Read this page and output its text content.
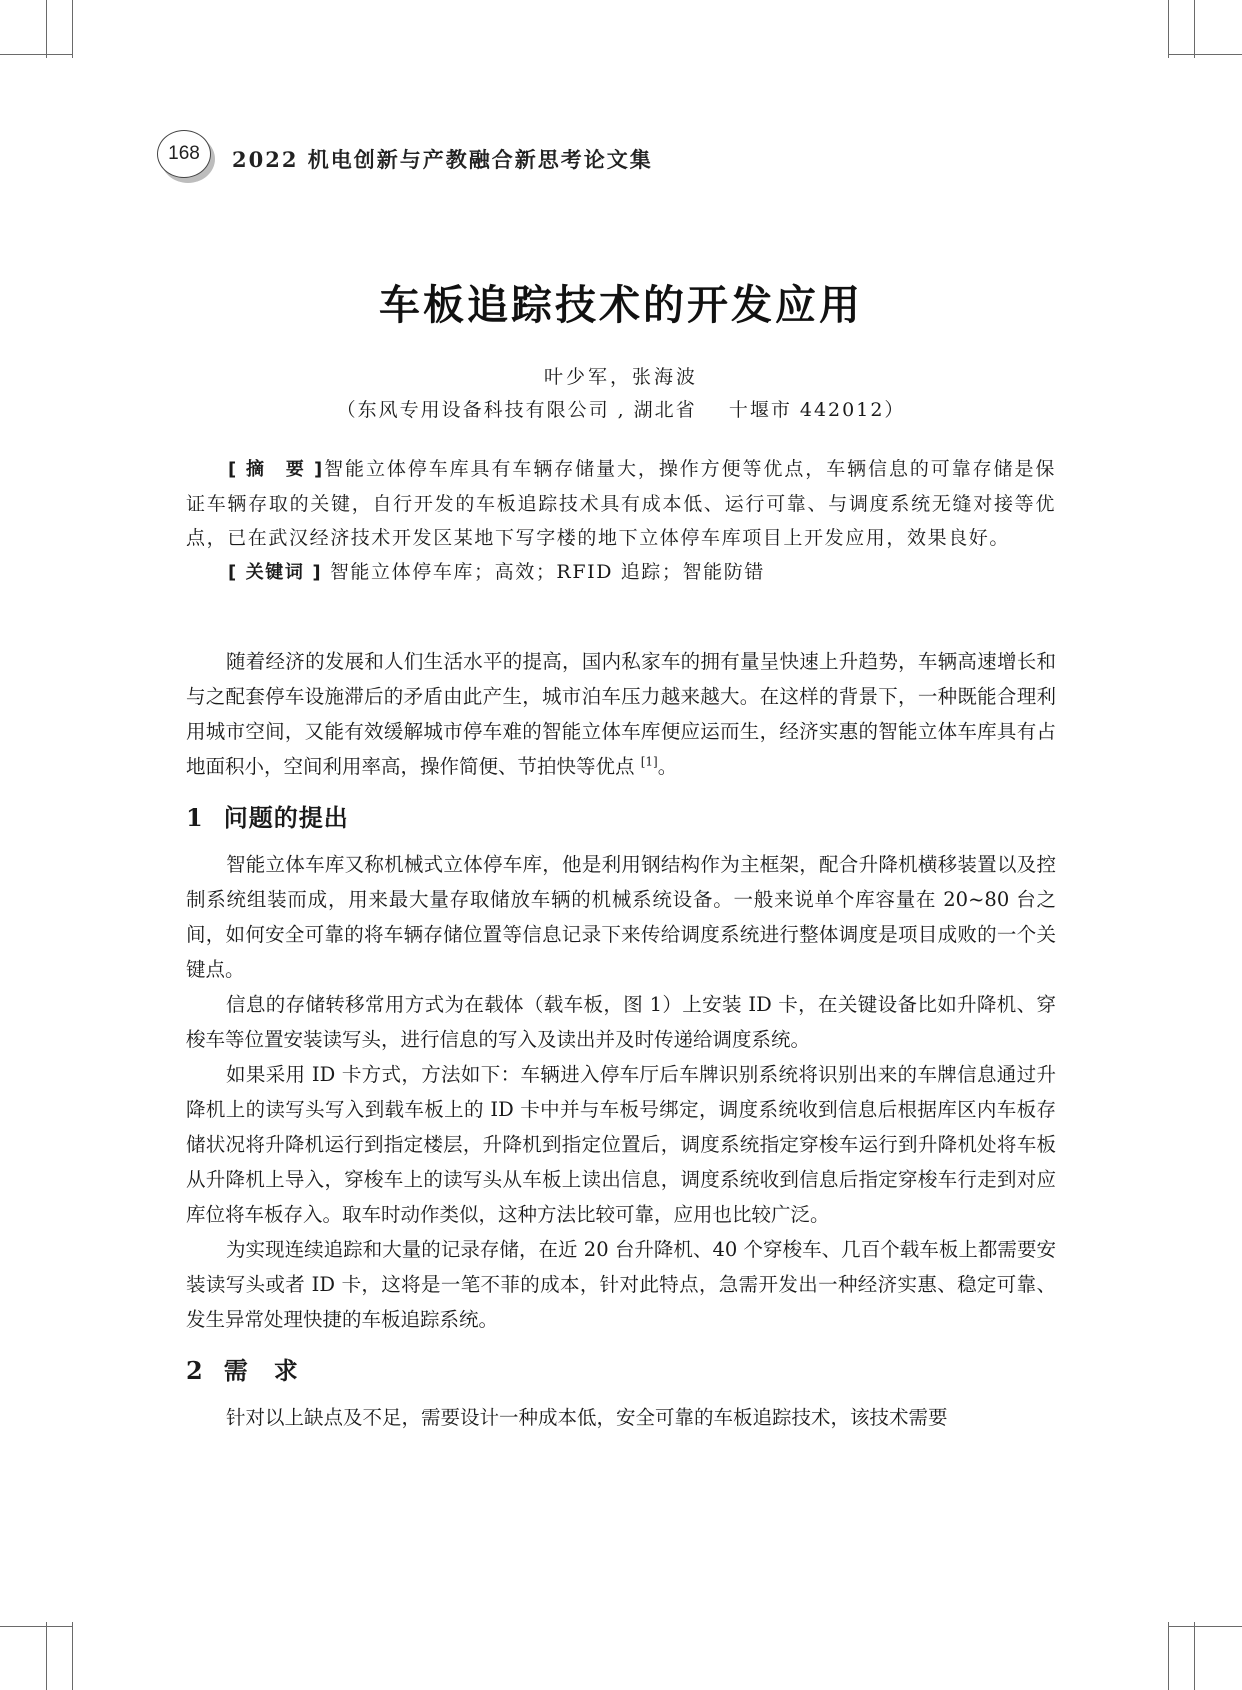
168 2022 机电创新与产教融合新思考论文集
车板追踪技术的开发应用
叶少军，张海波
（东风专用设备科技有限公司 , 湖北省    十堰市 442012）

[ 摘　要 ]智能立体停车库具有车辆存储量大，操作方便等优点，车辆信息的可靠存储是保证车辆存取的关键，自行开发的车板追踪技术具有成本低、运行可靠、与调度系统无缝对接等优点，已在武汉经济技术开发区某地下写字楼的地下立体停车库项目上开发应用，效果良好。

[ 关键词 ] 智能立体停车库；高效；RFID 追踪；智能防错

随着经济的发展和人们生活水平的提高，国内私家车的拥有量呈快速上升趋势，车辆高速增长和与之配套停车设施滞后的矛盾由此产生，城市泊车压力越来越大。在这样的背景下，一种既能合理利用城市空间，又能有效缓解城市停车难的智能立体车库便应运而生，经济实惠的智能立体车库具有占地面积小，空间利用率高，操作简便、节拍快等优点 [1]。

1 问题的提出

智能立体车库又称机械式立体停车库，他是利用钢结构作为主框架，配合升降机横移装置以及控制系统组装而成，用来最大量存取储放车辆的机械系统设备。一般来说单个库容量在 20~80 台之间，如何安全可靠的将车辆存储位置等信息记录下来传给调度系统进行整体调度是项目成败的一个关键点。

信息的存储转移常用方式为在载体（载车板，图 1）上安装 ID 卡，在关键设备比如升降机、穿梭车等位置安装读写头，进行信息的写入及读出并及时传递给调度系统。

如果采用 ID 卡方式，方法如下：车辆进入停车厅后车牌识别系统将识别出来的车牌信息通过升降机上的读写头写入到载车板上的 ID 卡中并与车板号绑定，调度系统收到信息后根据库区内车板存储状况将升降机运行到指定楼层，升降机到指定位置后，调度系统指定穿梭车运行到升降机处将车板从升降机上导入，穿梭车上的读写头从车板上读出信息，调度系统收到信息后指定穿梭车行走到对应库位将车板存入。取车时动作类似，这种方法比较可靠，应用也比较广泛。

为实现连续追踪和大量的记录存储，在近 20 台升降机、40 个穿梭车、几百个载车板上都需要安装读写头或者 ID 卡，这将是一笔不菲的成本，针对此特点，急需开发出一种经济实惠、稳定可靠、发生异常处理快捷的车板追踪系统。

2 需　求

针对以上缺点及不足，需要设计一种成本低，安全可靠的车板追踪技术，该技术需要
